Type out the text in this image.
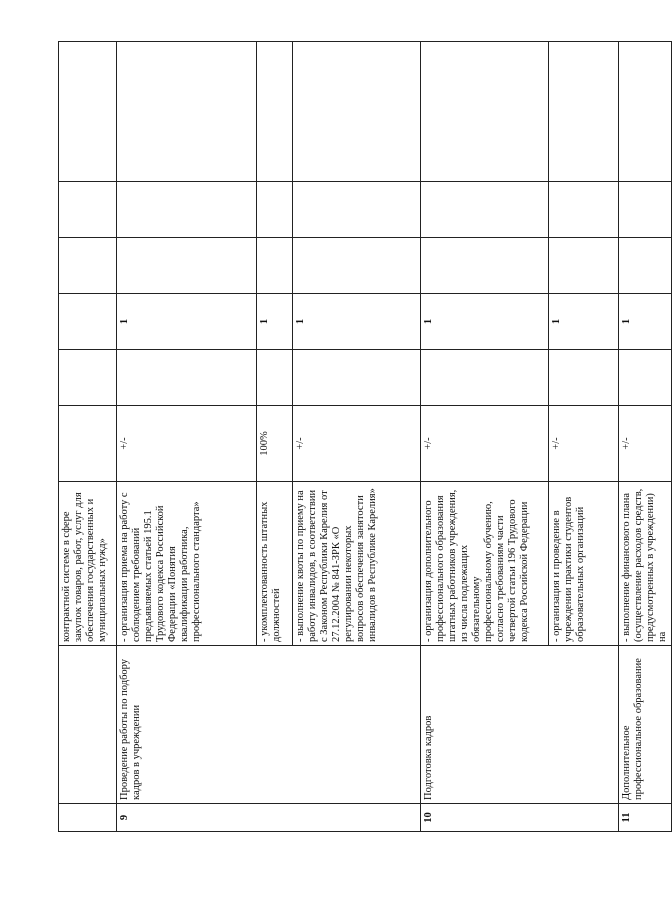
		контрактной системе в сфере закупок товаров, работ, услуг для обеспечения государственных и муниципальных нужд»						
9	Проведение работы по подбору кадров в учреждении	- организация приема на работу с соблюдением требований предъявляемых статьей 195.1 Трудового кодекса Российской Федерации «Понятия квалификации работника, профессионального стандарта»	+/-		1			
		- укомплектованность штатных должностей	100%		1			
		- выполнение квоты по приему на работу инвалидов, в соответствии с Законом Республики Карелия от 27.12.2004 № 841-ЗРК «О регулировании некоторых вопросов обеспечения занятости инвалидов в Республике Карелия»	+/-		1			
10	Подготовка кадров	- организация дополнительного профессионального образования штатных работников учреждения, из числа подлежащих обязательному профессиональному обучению, согласно требованиям части четвертой статьи 196 Трудового кодекса Российской Федерации	+/-		1			
		- организация и проведение в учреждении практики студентов образовательных организаций	+/-		1			
11	Дополнительное профессиональное образование	- выполнение финансового плана (осуществление расходов средств, предусмотренных в учреждении) на	+/-		1			
